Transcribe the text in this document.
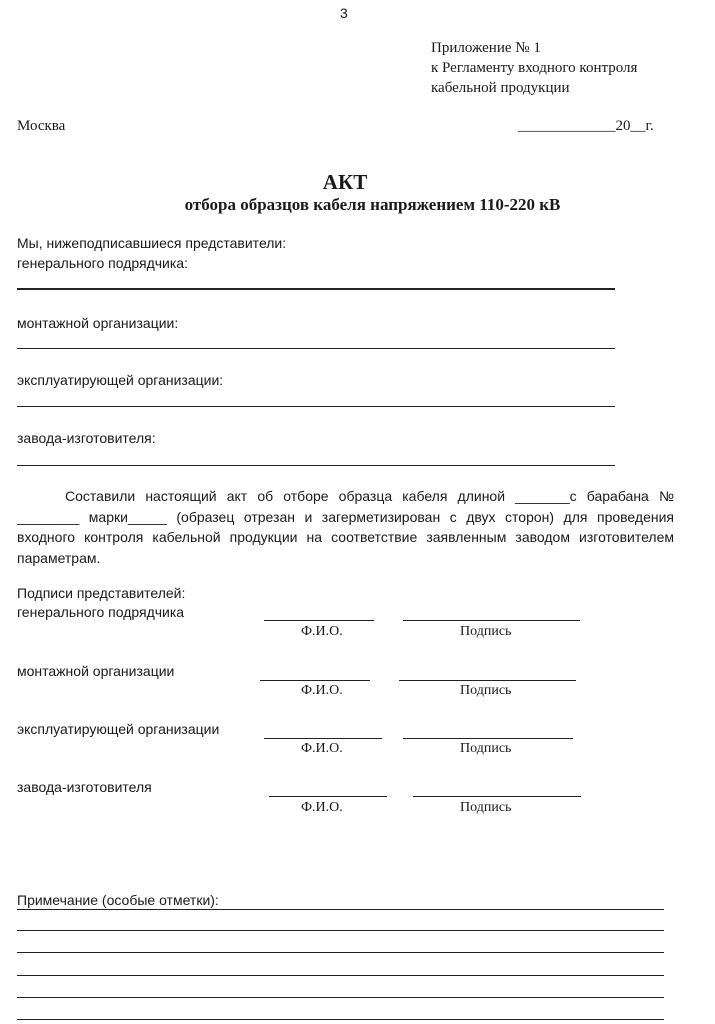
3
Приложение № 1
к Регламенту входного контроля
кабельной продукции
Москва	_____________20__г.
АКТ
отбора образцов кабеля напряжением 110-220 кВ
Мы, нижеподписавшиеся представители:
генерального подрядчика:
монтажной организации:
эксплуатирующей организации:
завода-изготовителя:
Составили настоящий акт об отборе образца кабеля длиной _______с барабана № ________ марки_____ (образец отрезан и загерметизирован с двух сторон) для проведения входного контроля кабельной продукции на соответствие заявленным заводом изготовителем параметрам.
Подписи представителей:
генерального подрядчика
Ф.И.О.	Подпись
монтажной организации
Ф.И.О.	Подпись
эксплуатирующей организации
Ф.И.О.	Подпись
завода-изготовителя
Ф.И.О.	Подпись
Примечание (особые отметки):
